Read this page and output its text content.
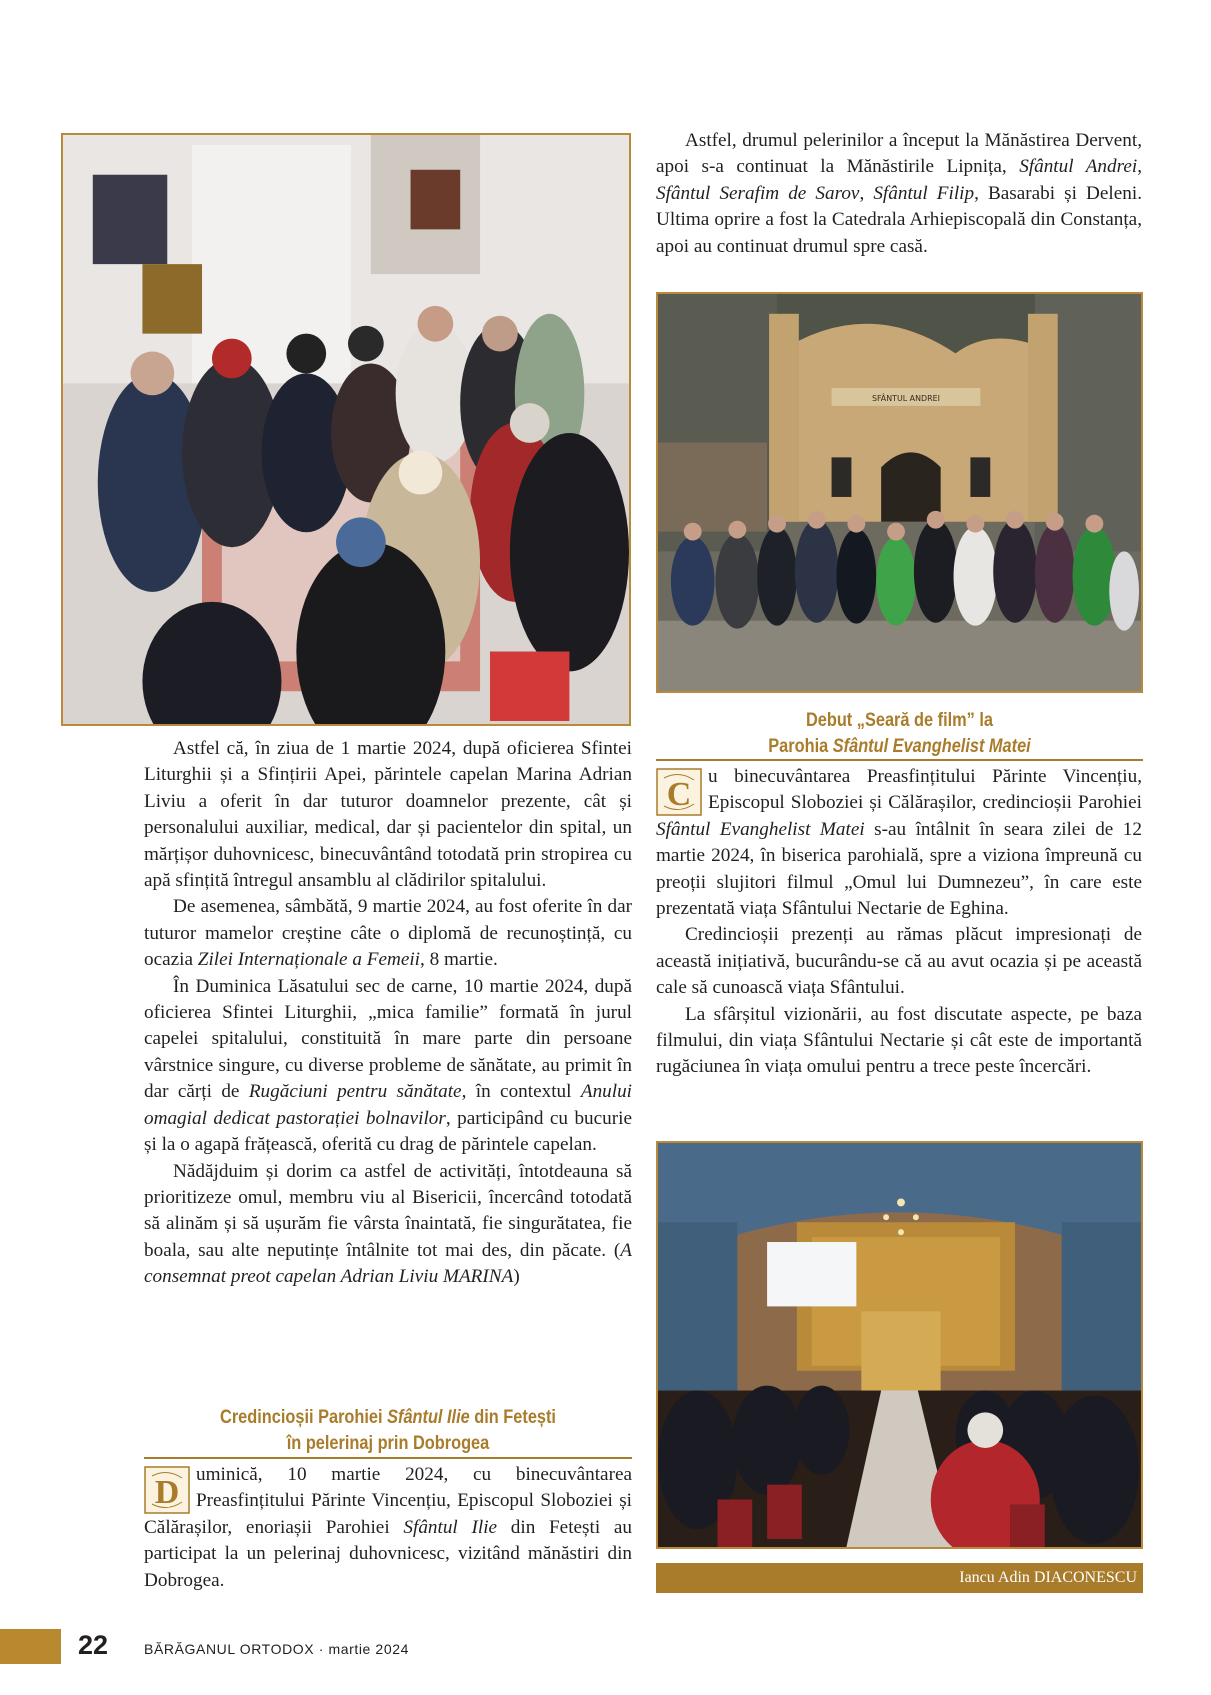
Astfel, drumul pelerinilor a început la Mănăstirea Dervent, apoi s-a continuat la Mănăstirile Lipnița, Sfântul Andrei, Sfântul Serafim de Sarov, Sfântul Filip, Basarabi și Deleni. Ultima oprire a fost la Catedrala Arhiepiscopală din Constanța, apoi au continuat drumul spre casă.

SFÂNTUL ANDREI
Debut „Seară de film” la
Parohia Sfântul Evanghelist Matei

C u binecuvântarea Preasfințitului Părinte Vincențiu, Episcopul Sloboziei și Călărașilor, credincioșii Parohiei Sfântul Evanghelist Matei s-au întâlnit în seara zilei de 12 martie 2024, în biserica parohială, spre a viziona împreună cu preoții slujitori filmul „Omul lui Dumnezeu”, în care este prezentată viața Sfântului Nectarie de Eghina.

Credincioșii prezenți au rămas plăcut impresionați de această inițiativă, bucurându-se că au avut ocazia și pe această cale să cunoască viața Sfântului.

La sfârșitul vizionării, au fost discutate aspecte, pe baza filmului, din viața Sfântului Nectarie și cât este de importantă rugăciunea în viața omului pentru a trece peste încercări.

Iancu Adin DIACONESCU

Astfel că, în ziua de 1 martie 2024, după oficierea Sfintei Liturghii și a Sfințirii Apei, părintele capelan Marina Adrian Liviu a oferit în dar tuturor doamnelor prezente, cât și personalului auxiliar, medical, dar și pacientelor din spital, un mărțișor duhovnicesc, binecuvântând totodată prin stropirea cu apă sfințită întregul ansamblu al clădirilor spitalului.

De asemenea, sâmbătă, 9 martie 2024, au fost oferite în dar tuturor mamelor creștine câte o diplomă de recunoștință, cu ocazia Zilei Internaționale a Femeii, 8 martie.

În Duminica Lăsatului sec de carne, 10 martie 2024, după oficierea Sfintei Liturghii, „mica familie” formată în jurul capelei spitalului, constituită în mare parte din persoane vârstnice singure, cu diverse probleme de sănătate, au primit în dar cărți de Rugăciuni pentru sănătate, în contextul Anului omagial dedicat pastorației bolnavilor, participând cu bucurie și la o agapă frățească, oferită cu drag de părintele capelan.

Nădăjduim și dorim ca astfel de activități, întotdeauna să prioritizeze omul, membru viu al Bisericii, încercând totodată să alinăm și să ușurăm fie vârsta înaintată, fie singurătatea, fie boala, sau alte neputințe întâlnite tot mai des, din păcate. (A consemnat preot capelan Adrian Liviu MARINA)

Credincioșii Parohiei Sfântul Ilie din Fetești
în pelerinaj prin Dobrogea

D uminică, 10 martie 2024, cu binecuvântarea Preasfințitului Părinte Vincențiu, Episcopul Sloboziei și Călărașilor, enoriașii Parohiei Sfântul Ilie din Fetești au participat la un pelerinaj duhovnicesc, vizitând mănăstiri din Dobrogea.

22	BĂRĂGANUL ORTODOX · martie 2024
